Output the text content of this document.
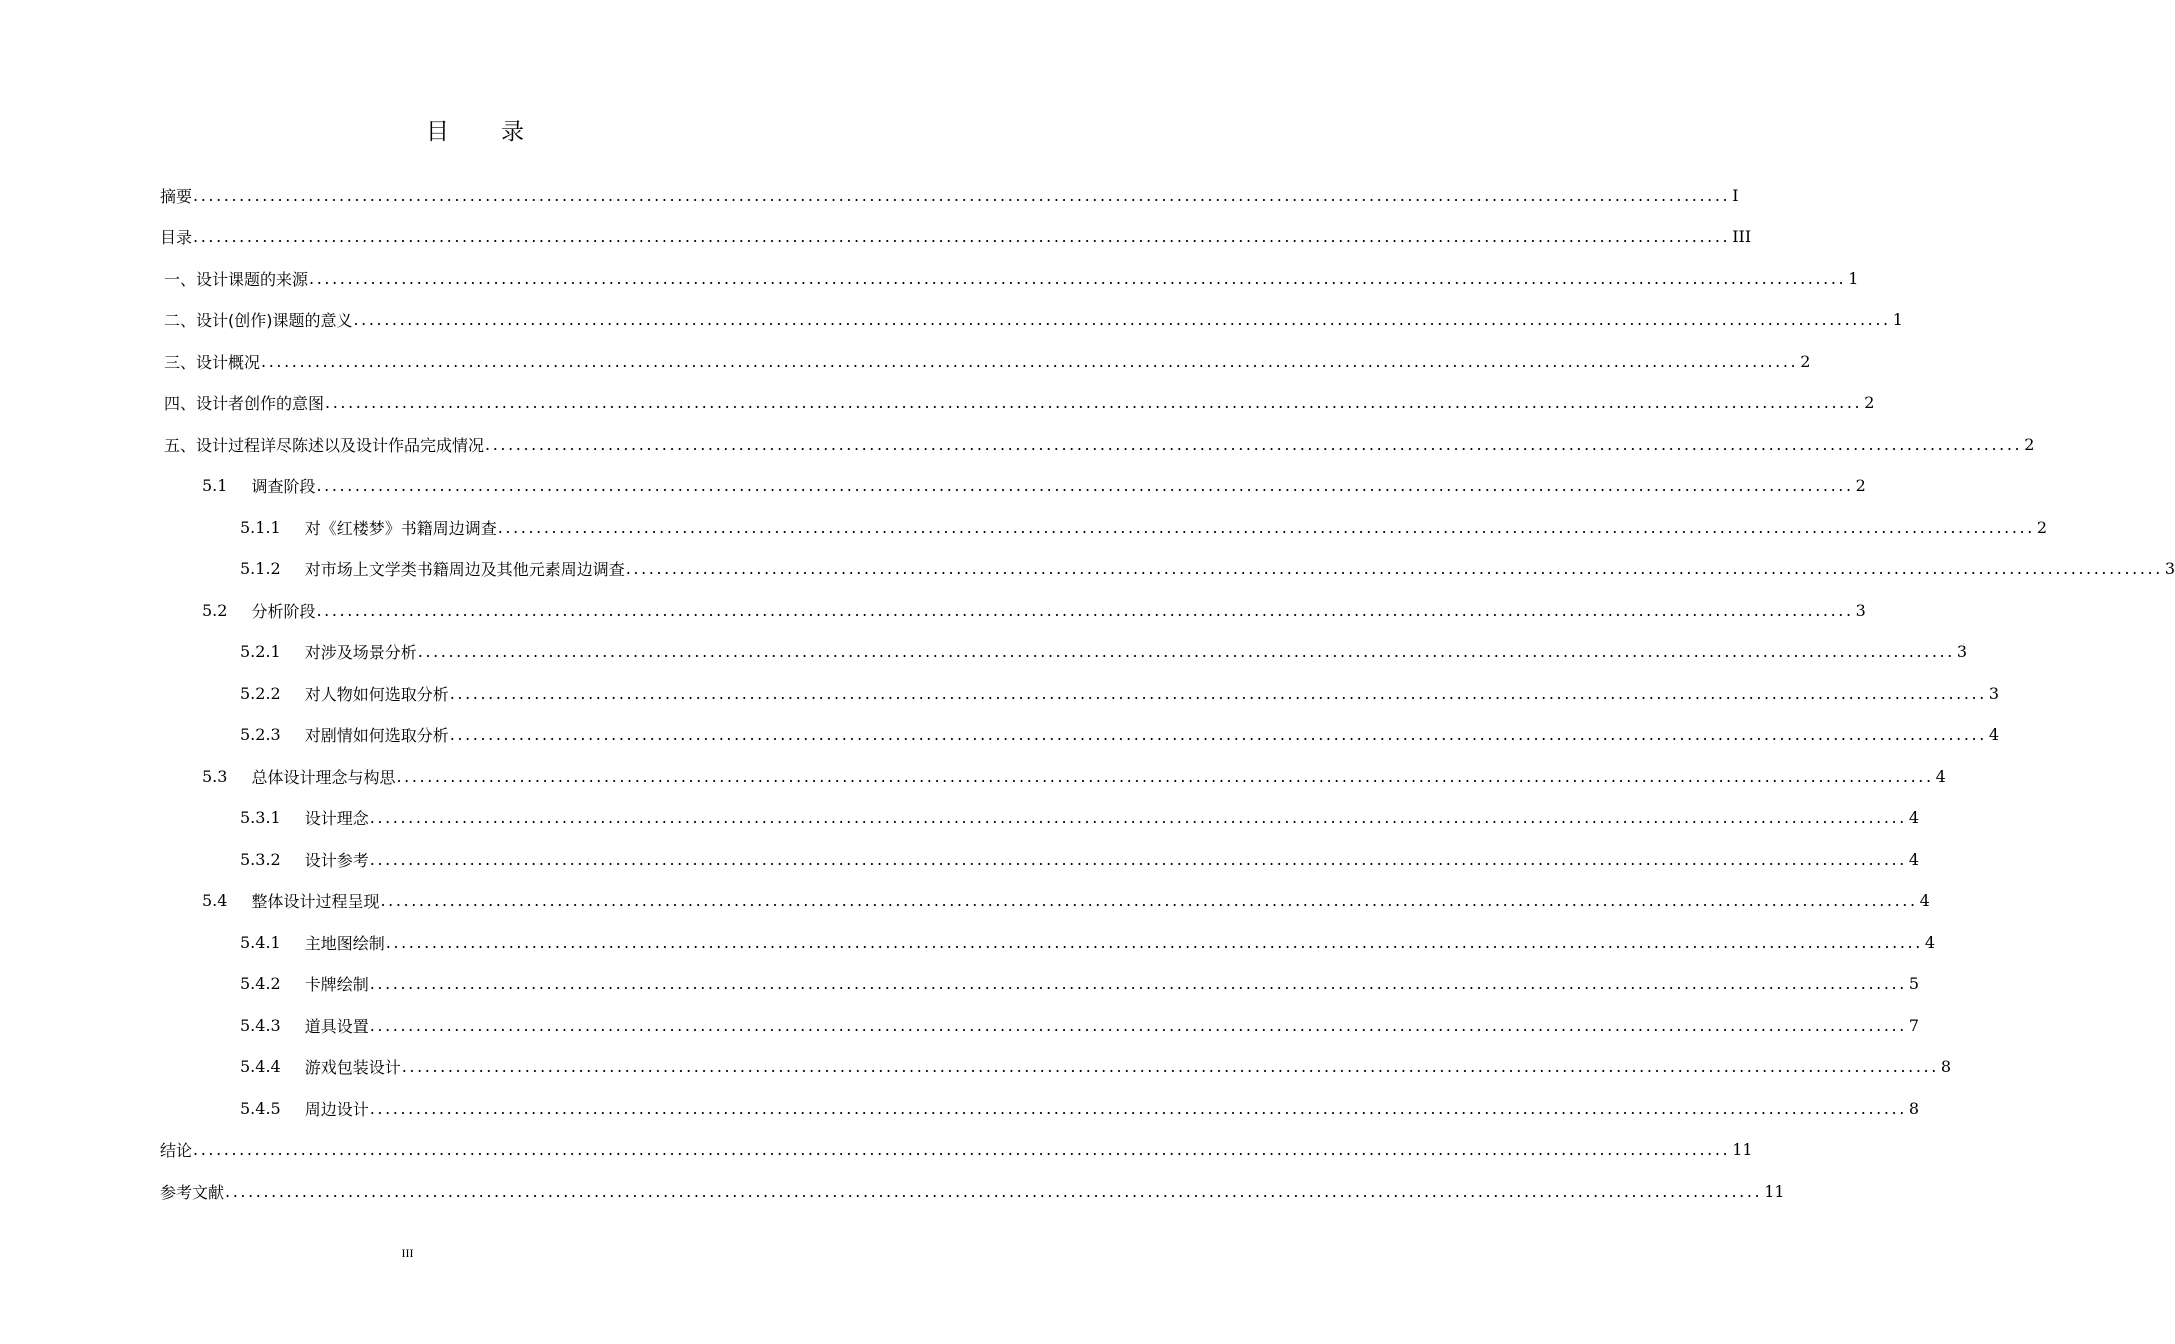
目录
摘要 ........................................................................................................................................................................................................ I
目录 ........................................................................................................................................................................................................ III
一、设计课题的来源 ........................................................................................................................................................................................................ 1
二、设计(创作)课题的意义 ........................................................................................................................................................................................................ 1
三、设计概况 ........................................................................................................................................................................................................ 2
四、设计者创作的意图 ........................................................................................................................................................................................................ 2
五、设计过程详尽陈述以及设计作品完成情况 ........................................................................................................................................................................................................ 2
5.1 调查阶段 ........................................................................................................................................................................................................ 2
5.1.1 对《红楼梦》书籍周边调查 ........................................................................................................................................................................................................ 2
5.1.2 对市场上文学类书籍周边及其他元素周边调查 ........................................................................................................................................................................................................ 3
5.2 分析阶段 ........................................................................................................................................................................................................ 3
5.2.1 对涉及场景分析 ........................................................................................................................................................................................................ 3
5.2.2 对人物如何选取分析 ........................................................................................................................................................................................................ 3
5.2.3 对剧情如何选取分析 ........................................................................................................................................................................................................ 4
5.3 总体设计理念与构思 ........................................................................................................................................................................................................ 4
5.3.1 设计理念 ........................................................................................................................................................................................................ 4
5.3.2 设计参考 ........................................................................................................................................................................................................ 4
5.4 整体设计过程呈现 ........................................................................................................................................................................................................ 4
5.4.1 主地图绘制 ........................................................................................................................................................................................................ 4
5.4.2 卡牌绘制 ........................................................................................................................................................................................................ 5
5.4.3 道具设置 ........................................................................................................................................................................................................ 7
5.4.4 游戏包装设计 ........................................................................................................................................................................................................ 8
5.4.5 周边设计 ........................................................................................................................................................................................................ 8
结论 ........................................................................................................................................................................................................ 11
参考文献 ........................................................................................................................................................................................................ 11
III
